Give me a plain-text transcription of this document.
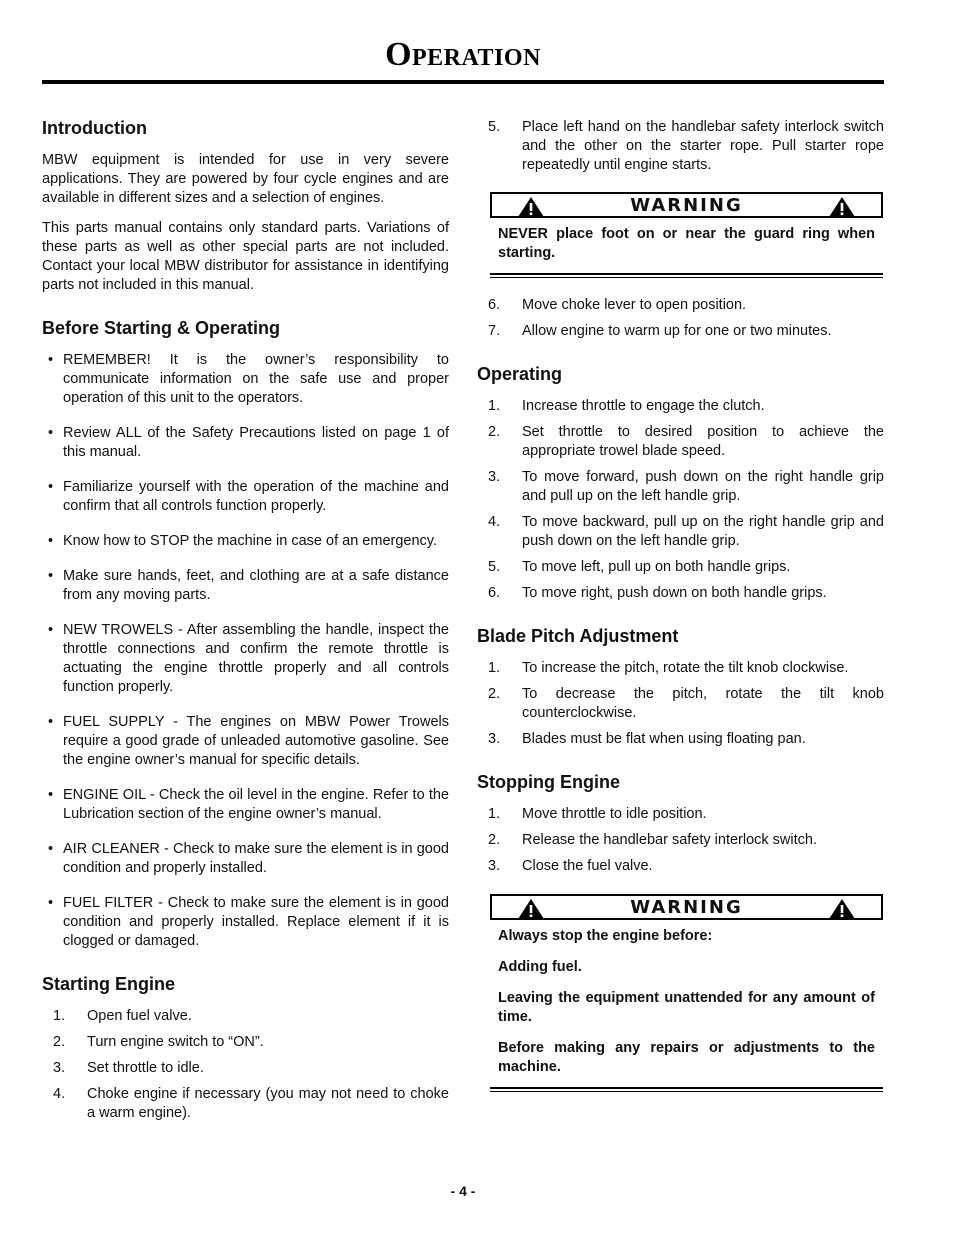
Operation
Introduction

MBW equipment is intended for use in very severe applications. They are powered by four cycle engines and are available in different sizes and a selection of engines.

This parts manual contains only standard parts. Variations of these parts as well as other special parts are not included. Contact your local MBW distributor for assistance in identifying parts not included in this manual.

Before Starting & Operating
• REMEMBER! It is the owner’s responsibility to communicate information on the safe use and proper operation of this unit to the operators.
• Review ALL of the Safety Precautions listed on page 1 of this manual.
• Familiarize yourself with the operation of the machine and confirm that all controls function properly.
• Know how to STOP the machine in case of an emergency.
• Make sure hands, feet, and clothing are at a safe distance from any moving parts.
• NEW TROWELS - After assembling the handle, inspect the throttle connections and confirm the remote throttle is actuating the engine throttle properly and all controls function properly.
• FUEL SUPPLY - The engines on MBW Power Trowels require a good grade of unleaded automotive gasoline. See the engine owner’s manual for specific details.
• ENGINE OIL - Check the oil level in the engine. Refer to the Lubrication section of the engine owner’s manual.
• AIR CLEANER - Check to make sure the element is in good condition and properly installed.
• FUEL FILTER - Check to make sure the element is in good condition and properly installed. Replace element if it is clogged or damaged.
Starting Engine
1. Open fuel valve.
2. Turn engine switch to “ON”.
3. Set throttle to idle.
4. Choke engine if necessary (you may not need to choke a warm engine).
5. Place left hand on the handlebar safety interlock switch and the other on the starter rope. Pull starter rope repeatedly until engine starts.
WARNING

NEVER place foot on or near the guard ring when starting.

6. Move choke lever to open position.
7. Allow engine to warm up for one or two minutes.
Operating
1. Increase throttle to engage the clutch.
2. Set throttle to desired position to achieve the appropriate trowel blade speed.
3. To move forward, push down on the right handle grip and pull up on the left handle grip.
4. To move backward, pull up on the right handle grip and push down on the left handle grip.
5. To move left, pull up on both handle grips.
6. To move right, push down on both handle grips.
Blade Pitch Adjustment
1. To increase the pitch, rotate the tilt knob clockwise.
2. To decrease the pitch, rotate the tilt knob counterclockwise.
3. Blades must be flat when using floating pan.
Stopping Engine
1. Move throttle to idle position.
2. Release the handlebar safety interlock switch.
3. Close the fuel valve.
WARNING

Always stop the engine before:

Adding fuel.

Leaving the equipment unattended for any amount of time.

Before making any repairs or adjustments to the machine.

- 4 -
